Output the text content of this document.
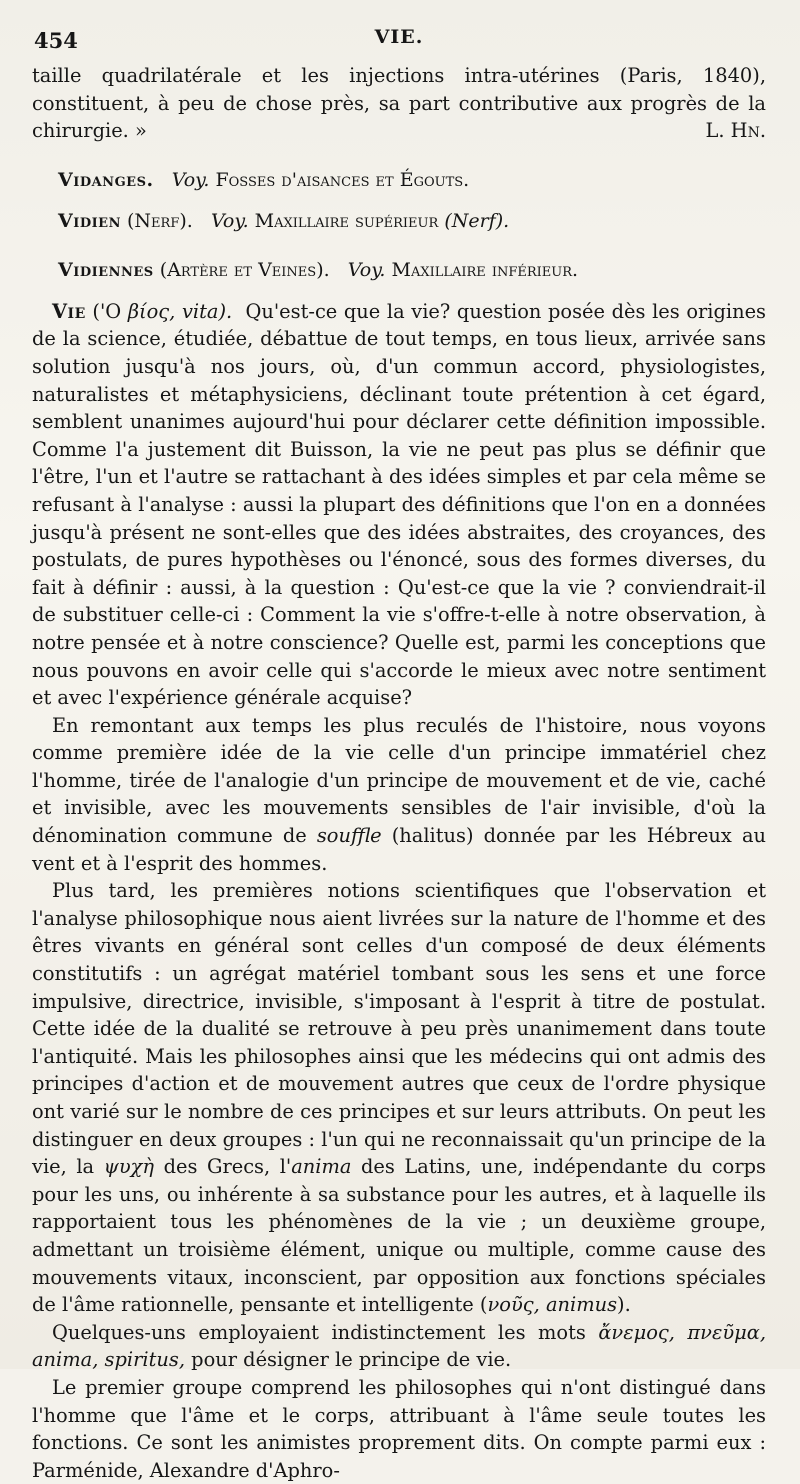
454	VIE.

taille quadrilatérale et les injections intra-utérines (Paris, 1840), constituent, à peu de chose près, sa part contributive aux progrès de la chirurgie. »	L. Hn.

Vidanges. Voy. Fosses d'aisances et Égouts.

Vidien (Nerf). Voy. Maxillaire supérieur (Nerf).

Vidiennes (Artère et Veines). Voy. Maxillaire inférieur.

Vie ('O βίος, vita). Qu'est-ce que la vie? question posée dès les origines de la science, étudiée, débattue de tout temps, en tous lieux, arrivée sans solution jusqu'à nos jours, où, d'un commun accord, physiologistes, naturalistes et métaphysiciens, déclinant toute prétention à cet égard, semblent unanimes aujourd'hui pour déclarer cette définition impossible. Comme l'a justement dit Buisson, la vie ne peut pas plus se définir que l'être, l'un et l'autre se rattachant à des idées simples et par cela même se refusant à l'analyse : aussi la plupart des définitions que l'on en a données jusqu'à présent ne sont-elles que des idées abstraites, des croyances, des postulats, de pures hypothèses ou l'énoncé, sous des formes diverses, du fait à définir : aussi, à la question : Qu'est-ce que la vie ? conviendrait-il de substituer celle-ci : Comment la vie s'offre-t-elle à notre observation, à notre pensée et à notre conscience? Quelle est, parmi les conceptions que nous pouvons en avoir celle qui s'accorde le mieux avec notre sentiment et avec l'expérience générale acquise?

En remontant aux temps les plus reculés de l'histoire, nous voyons comme première idée de la vie celle d'un principe immatériel chez l'homme, tirée de l'analogie d'un principe de mouvement et de vie, caché et invisible, avec les mouvements sensibles de l'air invisible, d'où la dénomination commune de souffle (halitus) donnée par les Hébreux au vent et à l'esprit des hommes.

Plus tard, les premières notions scientifiques que l'observation et l'analyse philosophique nous aient livrées sur la nature de l'homme et des êtres vivants en général sont celles d'un composé de deux éléments constitutifs : un agrégat matériel tombant sous les sens et une force impulsive, directrice, invisible, s'imposant à l'esprit à titre de postulat. Cette idée de la dualité se retrouve à peu près unanimement dans toute l'antiquité. Mais les philosophes ainsi que les médecins qui ont admis des principes d'action et de mouvement autres que ceux de l'ordre physique ont varié sur le nombre de ces principes et sur leurs attributs. On peut les distinguer en deux groupes : l'un qui ne reconnaissait qu'un principe de la vie, la ψυχὴ des Grecs, l'anima des Latins, une, indépendante du corps pour les uns, ou inhérente à sa substance pour les autres, et à laquelle ils rapportaient tous les phénomènes de la vie ; un deuxième groupe, admettant un troisième élément, unique ou multiple, comme cause des mouvements vitaux, inconscient, par opposition aux fonctions spéciales de l'âme rationnelle, pensante et intelligente (νοῦς, animus).

Quelques-uns employaient indistinctement les mots ἄνεμος, πνεῦμα, anima, spiritus, pour désigner le principe de vie.

Le premier groupe comprend les philosophes qui n'ont distingué dans l'homme que l'âme et le corps, attribuant à l'âme seule toutes les fonctions. Ce sont les animistes proprement dits. On compte parmi eux : Parménide, Alexandre d'Aphro-
